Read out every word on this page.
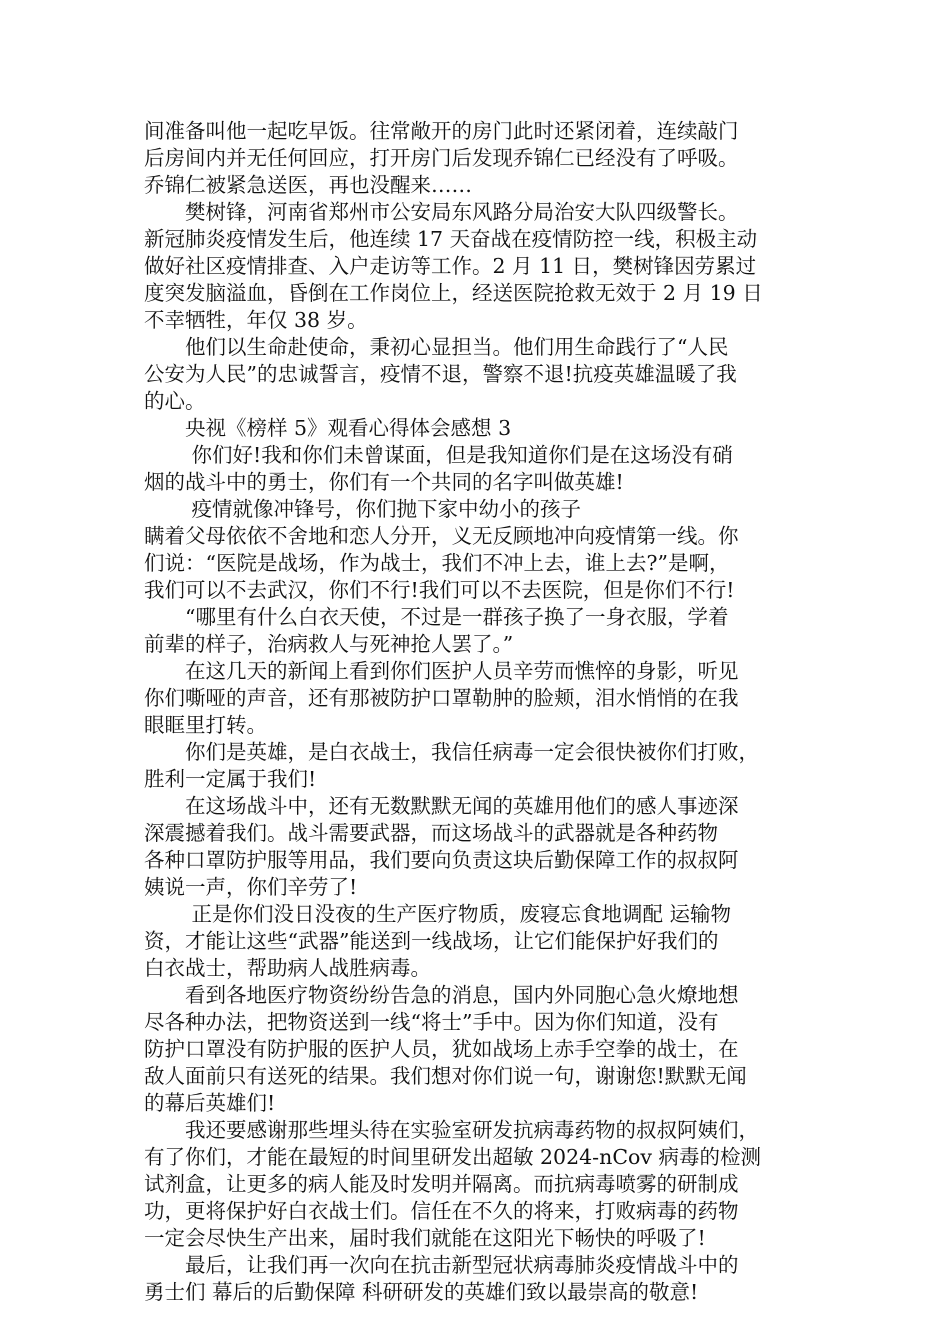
间准备叫他一起吃早饭。往常敞开的房门此时还紧闭着，连续敲门
后房间内并无任何回应，打开房门后发现乔锦仁已经没有了呼吸。
乔锦仁被紧急送医，再也没醒来……
　　樊树锋，河南省郑州市公安局东风路分局治安大队四级警长。
新冠肺炎疫情发生后，他连续 17 天奋战在疫情防控一线，积极主动
做好社区疫情排查、入户走访等工作。2 月 11 日，樊树锋因劳累过
度突发脑溢血，昏倒在工作岗位上，经送医院抢救无效于 2 月 19 日
不幸牺牲，年仅 38 岁。
　　他们以生命赴使命，秉初心显担当。他们用生命践行了“人民
公安为人民”的忠诚誓言，疫情不退，警察不退!抗疫英雄温暖了我
的心。
　　央视《榜样 5》观看心得体会感想 3
　　 你们好!我和你们未曾谋面，但是我知道你们是在这场没有硝
烟的战斗中的勇士，你们有一个共同的名字叫做英雄!
　　 疫情就像冲锋号，你们抛下家中幼小的孩子
瞒着父母依依不舍地和恋人分开，义无反顾地冲向疫情第一线。你
们说：“医院是战场，作为战士，我们不冲上去，谁上去?”是啊，
我们可以不去武汉，你们不行!我们可以不去医院，但是你们不行!
　　“哪里有什么白衣天使，不过是一群孩子换了一身衣服，学着
前辈的样子，治病救人与死神抢人罢了。”
　　在这几天的新闻上看到你们医护人员辛劳而憔悴的身影，听见
你们嘶哑的声音，还有那被防护口罩勒肿的脸颊，泪水悄悄的在我
眼眶里打转。
　　你们是英雄，是白衣战士，我信任病毒一定会很快被你们打败，
胜利一定属于我们!
　　在这场战斗中，还有无数默默无闻的英雄用他们的感人事迹深
深震撼着我们。战斗需要武器，而这场战斗的武器就是各种药物
各种口罩防护服等用品，我们要向负责这块后勤保障工作的叔叔阿
姨说一声，你们辛劳了!
　　 正是你们没日没夜的生产医疗物质，废寝忘食地调配 运输物
资，才能让这些“武器”能送到一线战场，让它们能保护好我们的
白衣战士，帮助病人战胜病毒。
　　看到各地医疗物资纷纷告急的消息，国内外同胞心急火燎地想
尽各种办法，把物资送到一线“将士”手中。因为你们知道，没有
防护口罩没有防护服的医护人员，犹如战场上赤手空拳的战士，在
敌人面前只有送死的结果。我们想对你们说一句，谢谢您!默默无闻
的幕后英雄们!
　　我还要感谢那些埋头待在实验室研发抗病毒药物的叔叔阿姨们，
有了你们，才能在最短的时间里研发出超敏 2024-nCov 病毒的检测
试剂盒，让更多的病人能及时发明并隔离。而抗病毒喷雾的研制成
功，更将保护好白衣战士们。信任在不久的将来，打败病毒的药物
一定会尽快生产出来，届时我们就能在这阳光下畅快的呼吸了!
　　最后，让我们再一次向在抗击新型冠状病毒肺炎疫情战斗中的
勇士们 幕后的后勤保障 科研研发的英雄们致以最崇高的敬意!
